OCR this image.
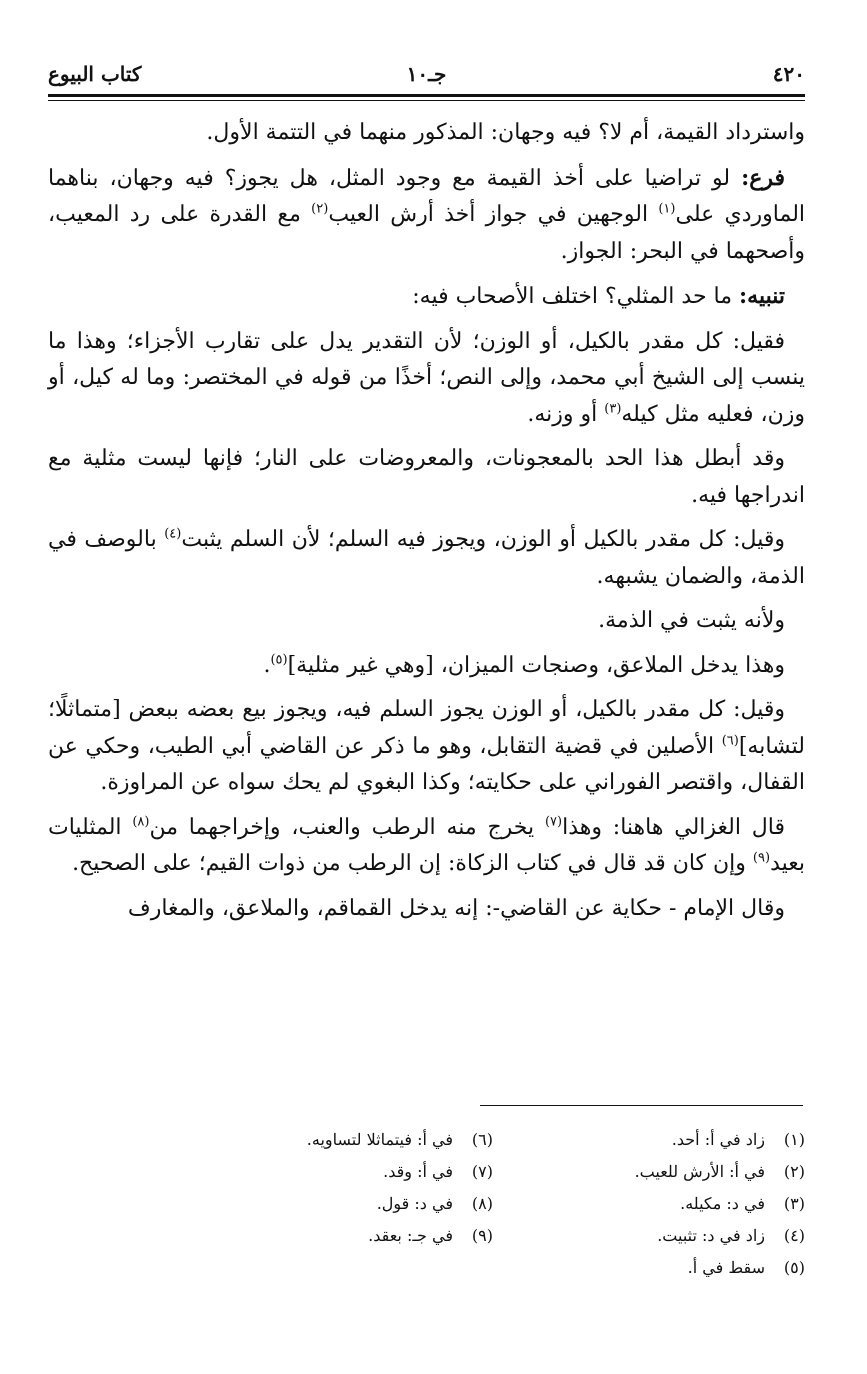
٤٢٠
جـ١٠
كتاب البيوع

واسترداد القيمة، أم لا؟ فيه وجهان: المذكور منهما في التتمة الأول.

فرع: لو تراضيا على أخذ القيمة مع وجود المثل، هل يجوز؟ فيه وجهان، بناهما الماوردي على$^{(١)}$ الوجهين في جواز أخذ أرش العيب$^{(٢)}$ مع القدرة على رد المعيب، وأصحهما في البحر: الجواز.

تنبيه: ما حد المثلي؟ اختلف الأصحاب فيه:

فقيل: كل مقدر بالكيل، أو الوزن؛ لأن التقدير يدل على تقارب الأجزاء؛ وهذا ما ينسب إلى الشيخ أبي محمد، وإلى النص؛ أخذًا من قوله في المختصر: وما له كيل، أو وزن، فعليه مثل كيله$^{(٣)}$ أو وزنه.

وقد أبطل هذا الحد بالمعجونات، والمعروضات على النار؛ فإنها ليست مثلية مع اندراجها فيه.

وقيل: كل مقدر بالكيل أو الوزن، ويجوز فيه السلم؛ لأن السلم يثبت$^{(٤)}$ بالوصف في الذمة، والضمان يشبهه.

ولأنه يثبت في الذمة.

وهذا يدخل الملاعق، وصنجات الميزان، [وهي غير مثلية]$^{(٥)}$.

وقيل: كل مقدر بالكيل، أو الوزن يجوز السلم فيه، ويجوز بيع بعضه ببعض [متماثلًا؛ لتشابه]$^{(٦)}$ الأصلين في قضية التقابل، وهو ما ذكر عن القاضي أبي الطيب، وحكي عن القفال، واقتصر الفوراني على حكايته؛ وكذا البغوي لم يحك سواه عن المراوزة.

قال الغزالي هاهنا: وهذا$^{(٧)}$ يخرج منه الرطب والعنب، وإخراجهما من$^{(٨)}$ المثليات بعيد$^{(٩)}$ وإن كان قد قال في كتاب الزكاة: إن الرطب من ذوات القيم؛ على الصحيح.

وقال الإمام - حكاية عن القاضي-: إنه يدخل القماقم، والملاعق، والمغارف

(١)زاد في أ: أحد.
(٢)في أ: الأرش للعيب.
(٣)في د: مكيله.
(٤)زاد في د: تثبيت.
(٥)سقط في أ.
(٦)في أ: فيتماثلا لتساويه.
(٧)في أ: وقد.
(٨)في د: قول.
(٩)في جـ: بعقد.
